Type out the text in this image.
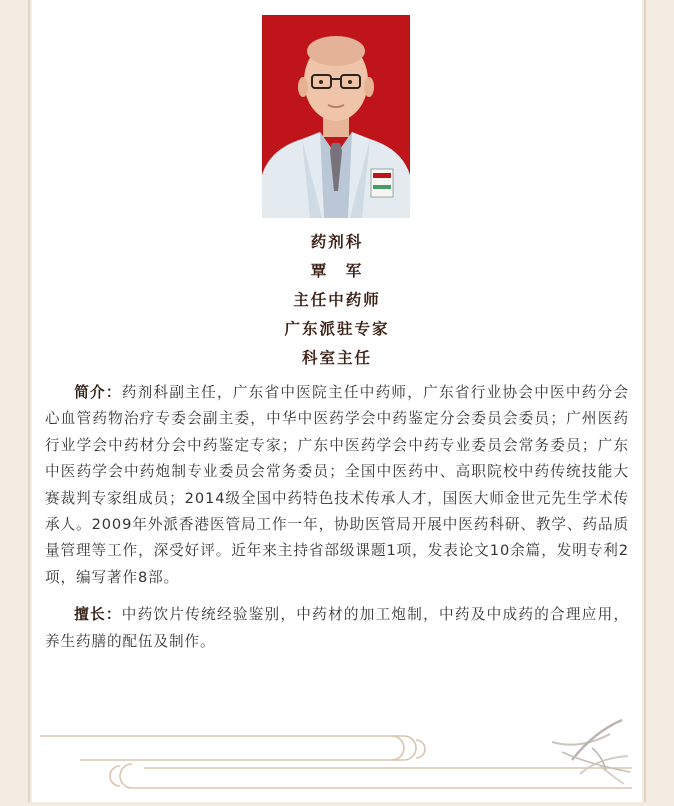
药剂科
覃　军
主任中药师
广东派驻专家
科室主任

简介：药剂科副主任，广东省中医院主任中药师，广东省行业协会中医中药分会心血管药物治疗专委会副主委，中华中医药学会中药鉴定分会委员会委员；广州医药行业学会中药材分会中药鉴定专家；广东中医药学会中药专业委员会常务委员；广东中医药学会中药炮制专业委员会常务委员；全国中医药中、高职院校中药传统技能大赛裁判专家组成员；2014级全国中药特色技术传承人才，国医大师金世元先生学术传承人。2009年外派香港医管局工作一年，协助医管局开展中医药科研、教学、药品质量管理等工作，深受好评。近年来主持省部级课题1项，发表论文10余篇，发明专利2项，编写著作8部。

擅长：中药饮片传统经验鉴别，中药材的加工炮制，中药及中成药的合理应用，养生药膳的配伍及制作。
